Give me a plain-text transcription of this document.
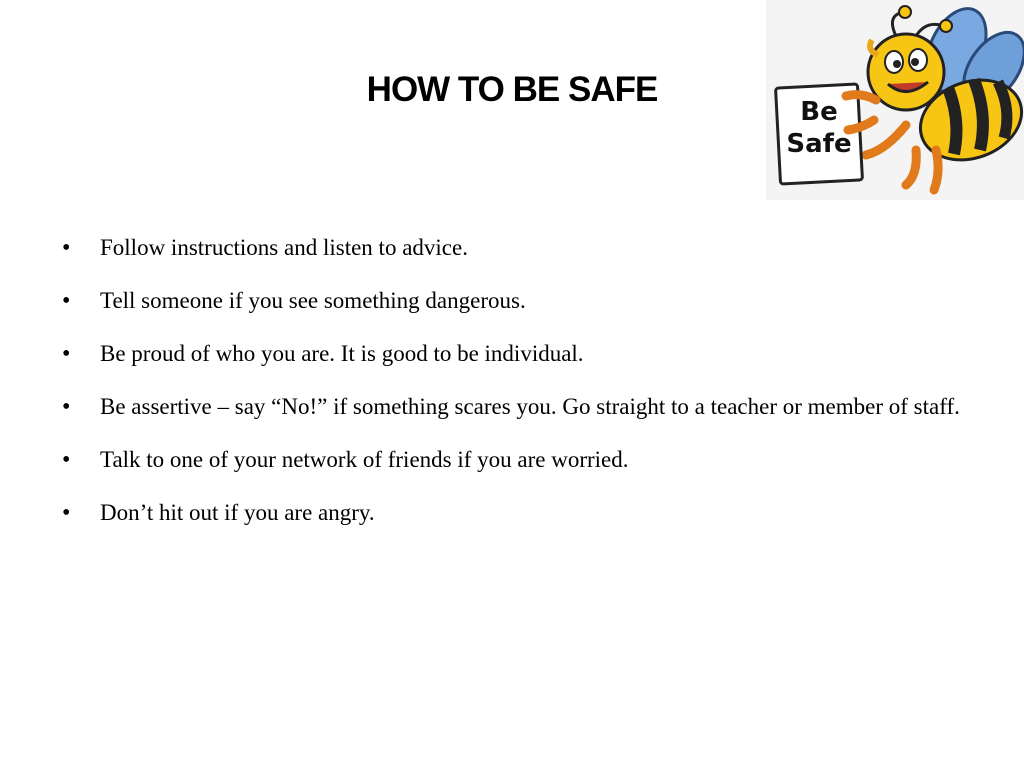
HOW TO BE SAFE
Be
Safe
•	Follow instructions and listen to advice.
•	Tell someone if you see something dangerous.
•	Be proud of who you are. It is good to be individual.
•	Be assertive – say “No!” if something scares you. Go straight to a teacher or member of staff.
•	Talk to one of your network of friends if you are worried.
•	Don’t hit out if you are angry.
